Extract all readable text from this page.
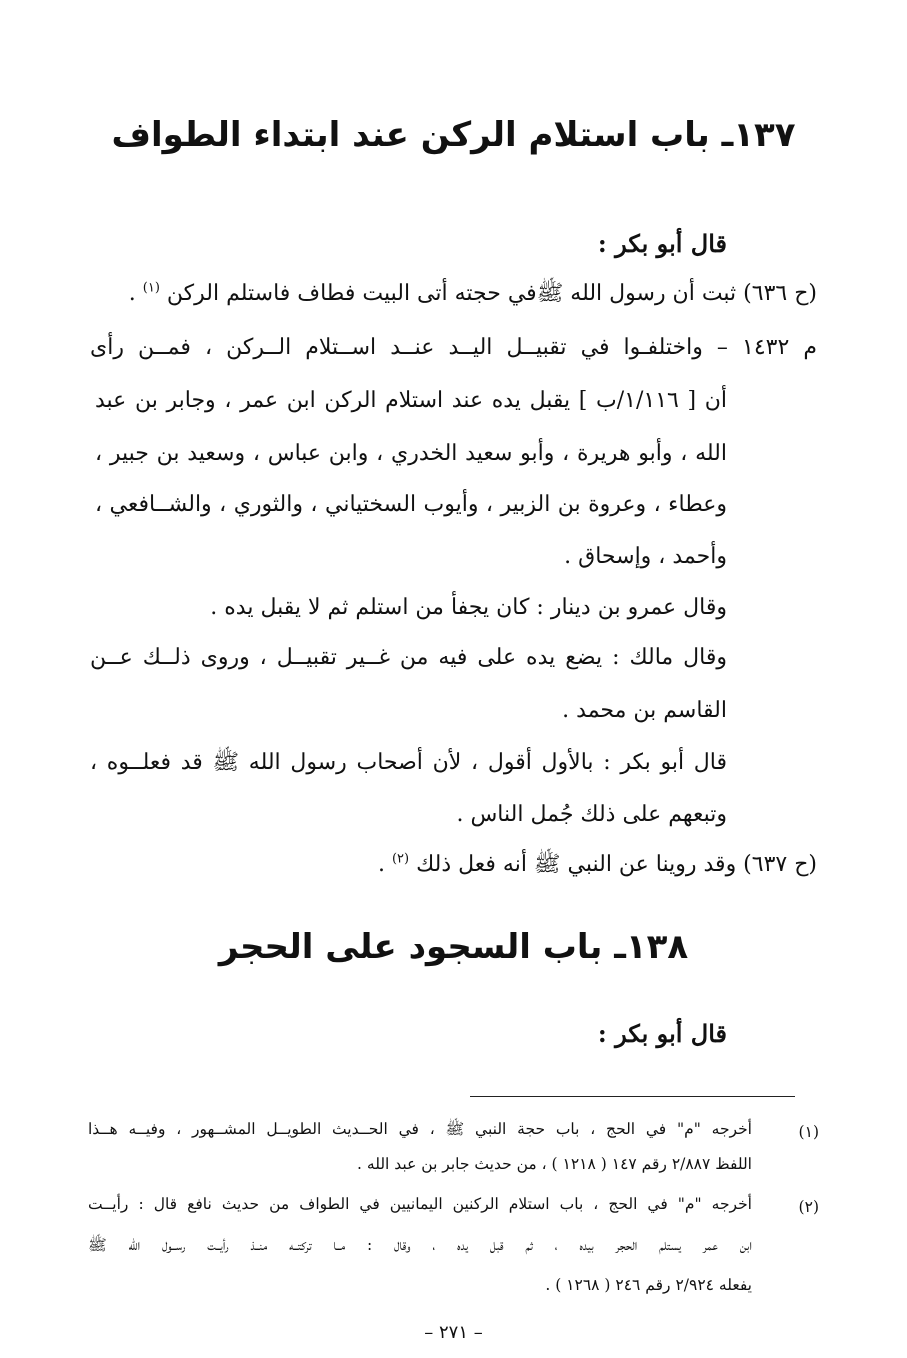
١٣٧ـ باب استلام الركن عند ابتداء الطواف
قال أبو بكر :
(ح ٦٣٦) ثبت أن رسول الله ﷺفي حجته أتى البيت فطاف فاستلم الركن $^{(١)}$ .
م ١٤٣٢ – واختلفـوا في تقبيــل اليــد عنــد اســتلام الــركن ، فمــن رأى
أن [ ١/١١٦/ب ] يقبل يده عند استلام الركن ابن عمر ، وجابر بن عبد
الله ، وأبو هريرة ، وأبو سعيد الخدري ، وابن عباس ، وسعيد بن جبير ،
وعطاء ، وعروة بن الزبير ، وأيوب السختياني ، والثوري ، والشــافعي ،
وأحمد ، وإسحاق .
وقال عمرو بن دينار : كان يجفأ من استلم ثم لا يقبل يده .
وقال مالك : يضع يده على فيه من غــير تقبيــل ، وروى ذلــك عــن
القاسم بن محمد .
قال أبو بكر : بالأول أقول ، لأن أصحاب رسول الله ﷺ قد فعلــوه ،
وتبعهم على ذلك جُمل الناس .
(ح ٦٣٧) وقد روينا عن النبي ﷺ أنه فعل ذلك $^{(٢)}$ .
١٣٨ـ باب السجود على الحجر
قال أبو بكر :
(١)
أخرجه "م" في الحج ، باب حجة النبي ﷺ ، في الحــديث الطويــل المشــهور ، وفيــه هــذا
اللفظ ٢/٨٨٧ رقم ١٤٧ ( ١٢١٨ ) ، من حديث جابر بن عبد الله .
(٢)
أخرجه "م" في الحج ، باب استلام الركنين اليمانيين في الطواف من حديث نافع قال : رأيــت
ابن عمر يستلم الحجر بيده ، ثم قبل يده ، وقال : مــا تركتــه منــذ رأيــت رســول الله ﷺ
يفعله ٢/٩٢٤ رقم ٢٤٦ ( ١٢٦٨ ) .
– ٢٧١ –
